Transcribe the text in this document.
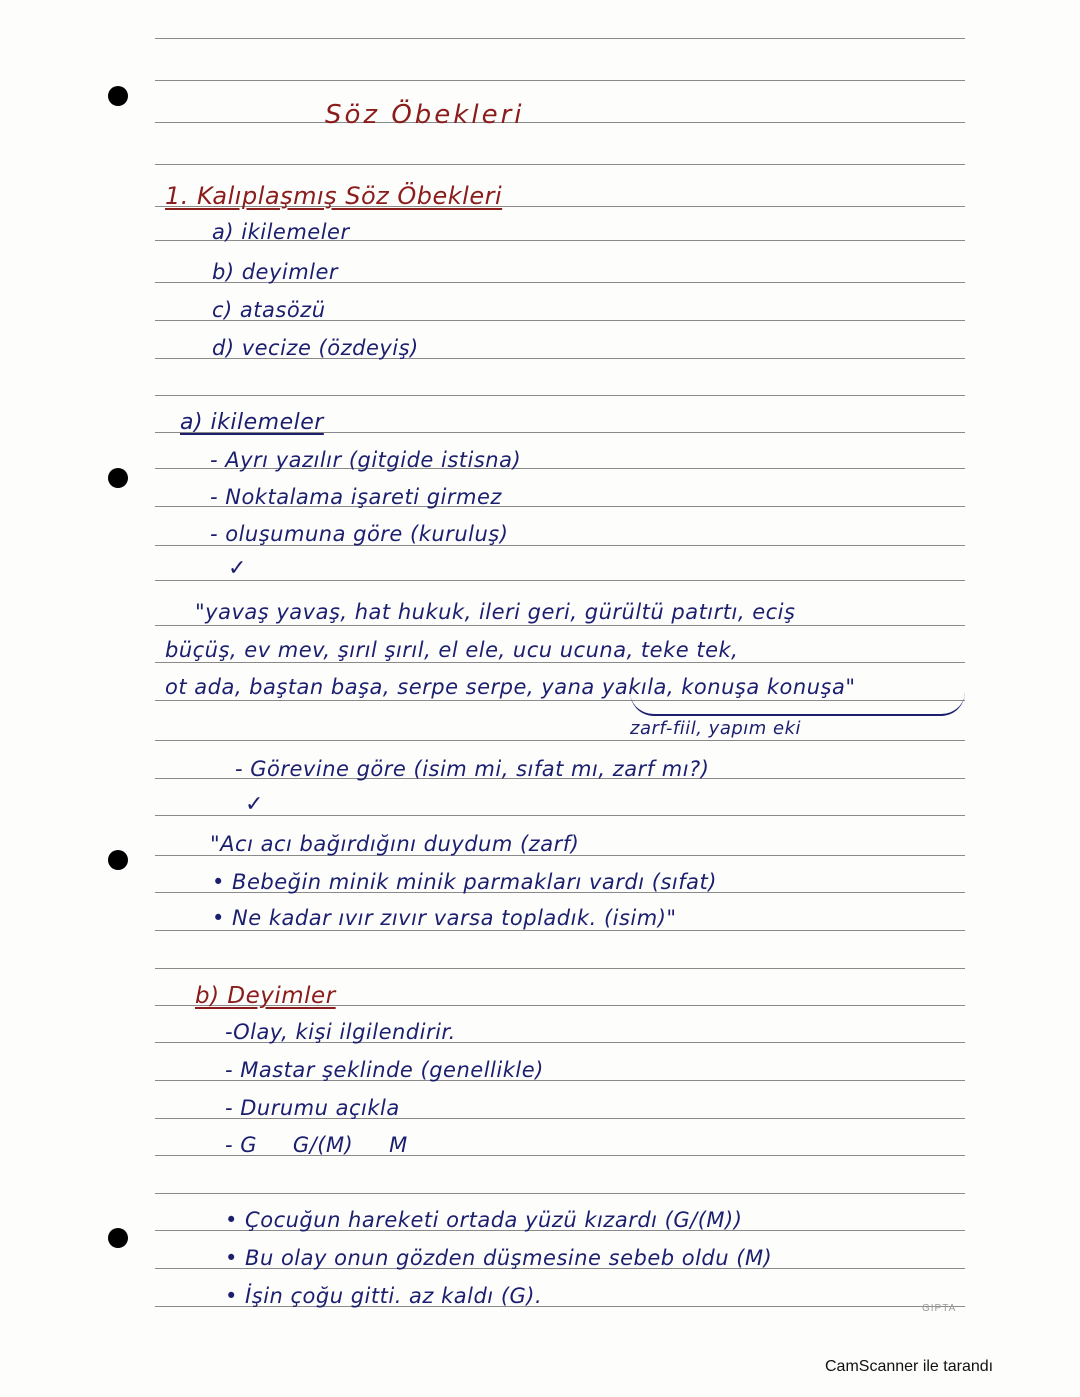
Söz Öbekleri
1. Kalıplaşmış Söz Öbekleri
a) ikilemeler
b) deyimler
c) atasözü
d) vecize (özdeyiş)
a) ikilemeler
- Ayrı yazılır (gitgide istisna)
- Noktalama işareti girmez
- oluşumuna göre (kuruluş)
✓
"yavaş yavaş, hat hukuk, ileri geri, gürültü patırtı, eciş
büçüş, ev mev, şırıl şırıl, el ele, ucu ucuna, teke tek,
ot ada, baştan başa, serpe serpe, yana yakıla, konuşa konuşa"
zarf-fiil, yapım eki
- Görevine göre (isim mi, sıfat mı, zarf mı?)
✓
"Acı acı bağırdığını duydum (zarf)
• Bebeğin minik minik parmakları vardı (sıfat)
• Ne kadar ıvır zıvır varsa topladık. (isim)"
b) Deyimler
-Olay, kişi ilgilendirir.
- Mastar şeklinde (genellikle)
- Durumu açıkla
- G     G/(M)     M
• Çocuğun hareketi ortada yüzü kızardı (G/(M))
• Bu olay onun gözden düşmesine sebeb oldu (M)
• İşin çoğu gitti. az kaldı (G).
GIPTA
CamScanner ile tarandı
